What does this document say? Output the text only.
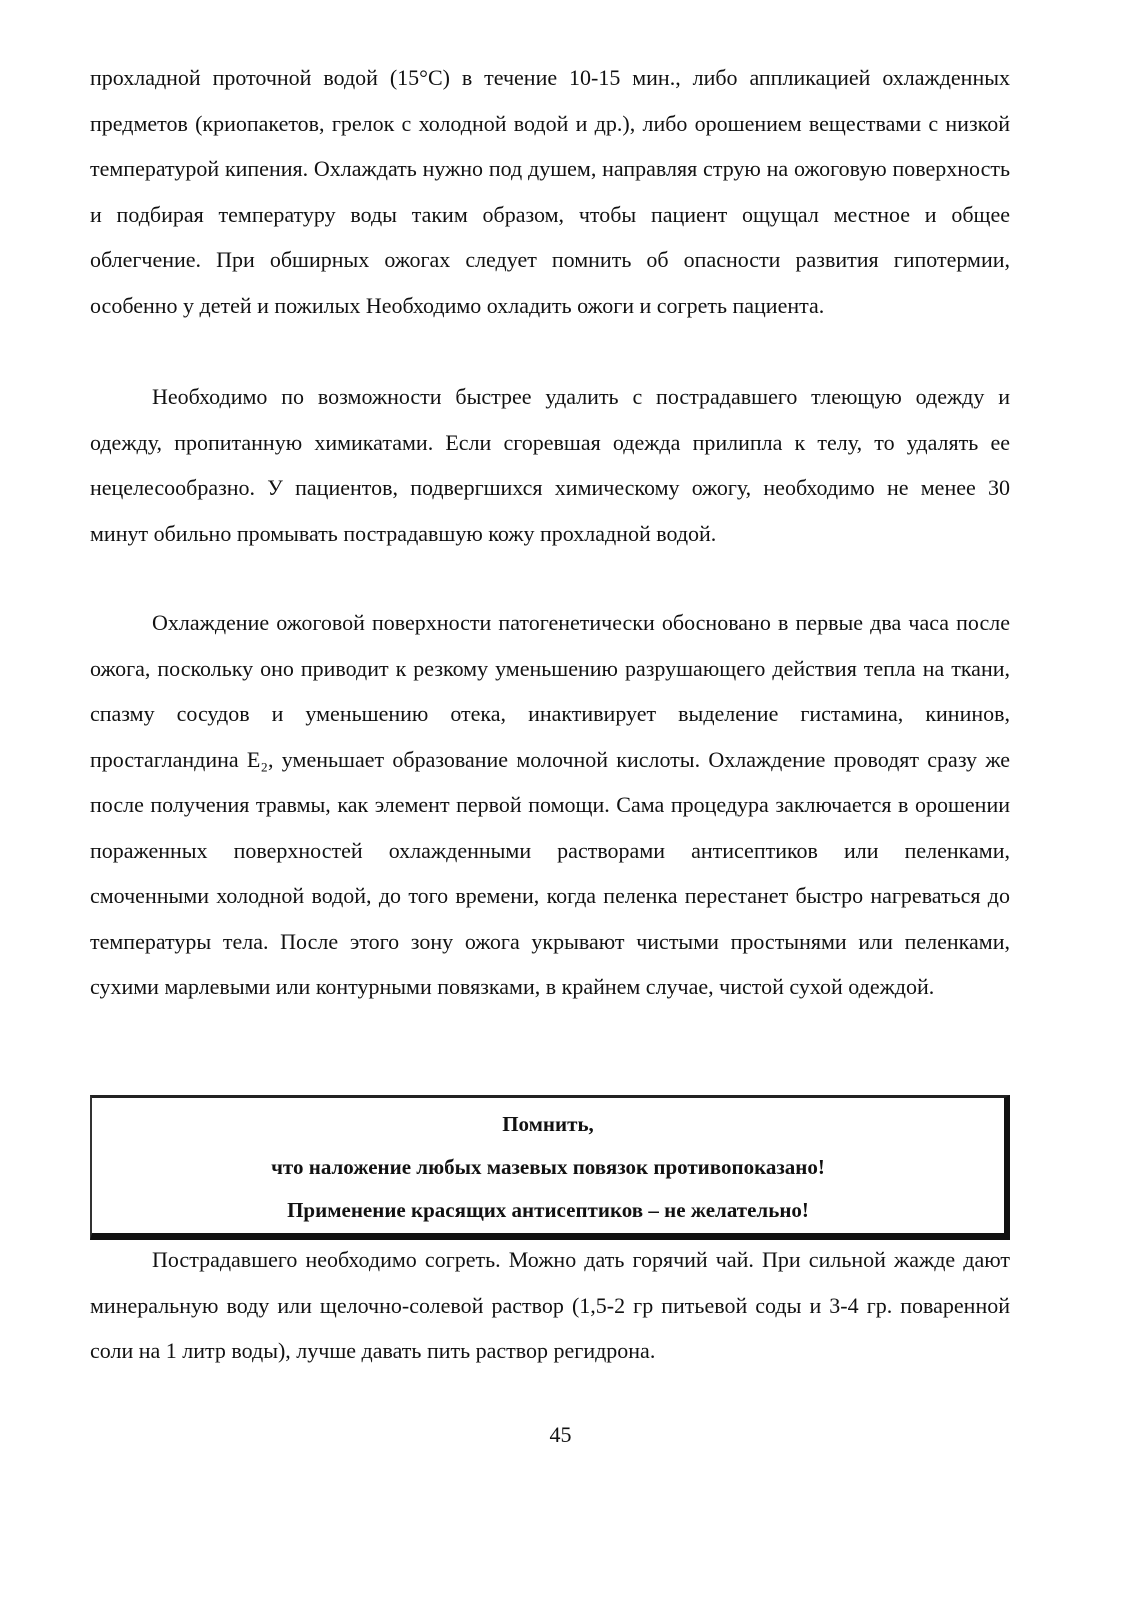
прохладной проточной водой (15°С) в течение 10-15 мин., либо аппликацией охлажденных предметов (криопакетов, грелок с холодной водой и др.), либо орошением веществами с низкой температурой кипения. Охлаждать нужно под душем, направляя струю на ожоговую поверхность и подбирая температуру воды таким образом, чтобы пациент ощущал местное и общее облегчение. При обширных ожогах следует помнить об опасности развития гипотермии, особенно у детей и пожилых Необходимо охладить ожоги и согреть пациента.

Необходимо по возможности быстрее удалить с пострадавшего тлеющую одежду и одежду, пропитанную химикатами. Если сгоревшая одежда прилипла к телу, то удалять ее нецелесообразно. У пациентов, подвергшихся химическому ожогу, необходимо не менее 30 минут обильно промывать пострадавшую кожу прохладной водой.

Охлаждение ожоговой поверхности патогенетически обосновано в первые два часа после ожога, поскольку оно приводит к резкому уменьшению разрушающего действия тепла на ткани, спазму сосудов и уменьшению отека, инактивирует выделение гистамина, кининов, простагландина E₂, уменьшает образование молочной кислоты. Охлаждение проводят сразу же после получения травмы, как элемент первой помощи. Сама процедура заключается в орошении пораженных поверхностей охлажденными растворами антисептиков или пеленками, смоченными холодной водой, до того времени, когда пеленка перестанет быстро нагреваться до температуры тела. После этого зону ожога укрывают чистыми простынями или пеленками, сухими марлевыми или контурными повязками, в крайнем случае, чистой сухой одеждой.

Помнить,
что наложение любых мазевых повязок противопоказано!
Применение красящих антисептиков – не желательно!

Пострадавшего необходимо согреть. Можно дать горячий чай. При сильной жажде дают минеральную воду или щелочно-солевой раствор (1,5-2 гр питьевой соды и 3-4 гр. поваренной соли на 1 литр воды), лучше давать пить раствор регидрона.

45
